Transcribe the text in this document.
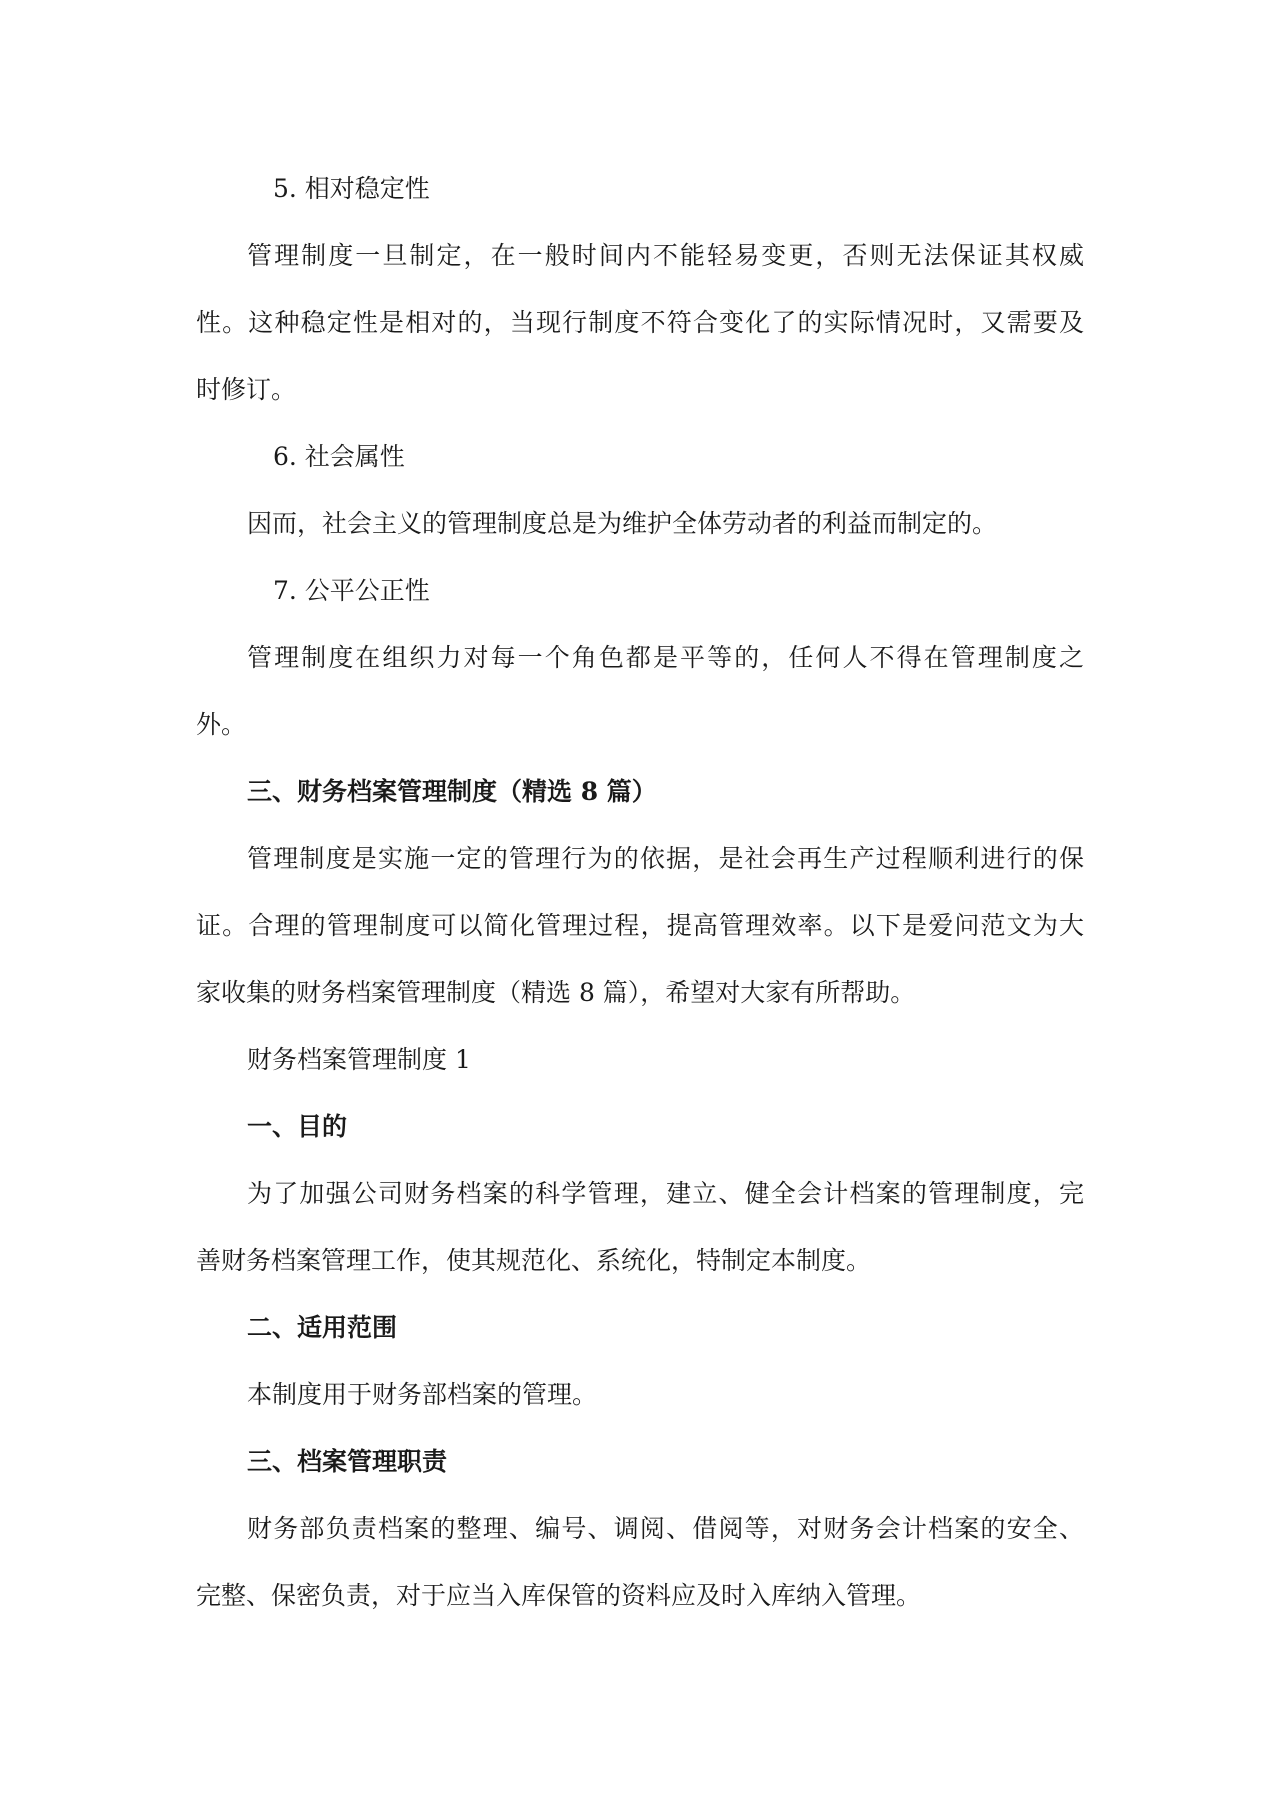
5. 相对稳定性
管理制度一旦制定，在一般时间内不能轻易变更，否则无法保证其权威
性。这种稳定性是相对的，当现行制度不符合变化了的实际情况时，又需要及
时修订。
6. 社会属性
因而，社会主义的管理制度总是为维护全体劳动者的利益而制定的。
7. 公平公正性
管理制度在组织力对每一个角色都是平等的，任何人不得在管理制度之
外。
三、财务档案管理制度（精选 8 篇）
管理制度是实施一定的管理行为的依据，是社会再生产过程顺利进行的保
证。合理的管理制度可以简化管理过程，提高管理效率。以下是爱问范文为大
家收集的财务档案管理制度（精选 8 篇），希望对大家有所帮助。
财务档案管理制度 1
一、目的
为了加强公司财务档案的科学管理，建立、健全会计档案的管理制度，完
善财务档案管理工作，使其规范化、系统化，特制定本制度。
二、适用范围
本制度用于财务部档案的管理。
三、档案管理职责
财务部负责档案的整理、编号、调阅、借阅等，对财务会计档案的安全、
完整、保密负责，对于应当入库保管的资料应及时入库纳入管理。
